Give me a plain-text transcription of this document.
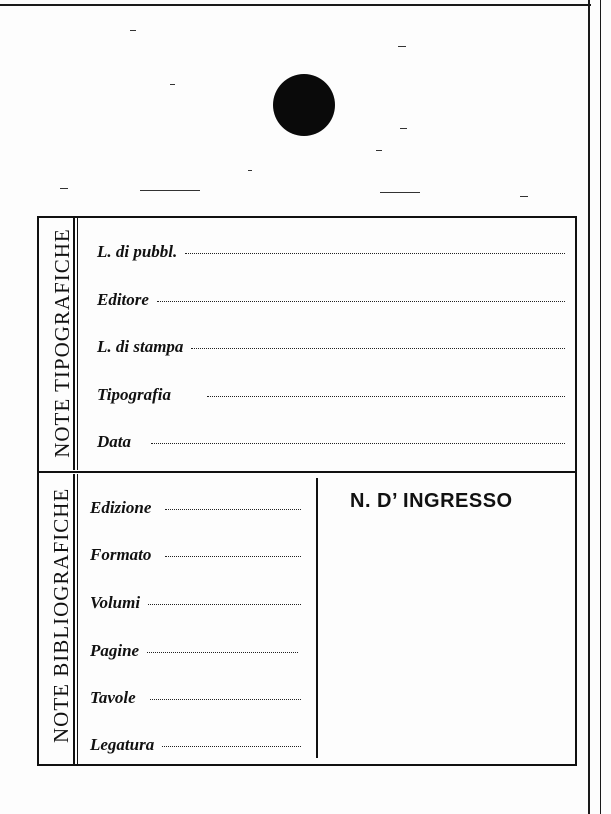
NOTE TIPOGRAFICHE
NOTE BIBLIOGRAFICHE
L. di pubbl.
Editore
L. di stampa
Tipografia
Data
Edizione
Formato
Volumi
Pagine
Tavole
Legatura
N. D’ INGRESSO
